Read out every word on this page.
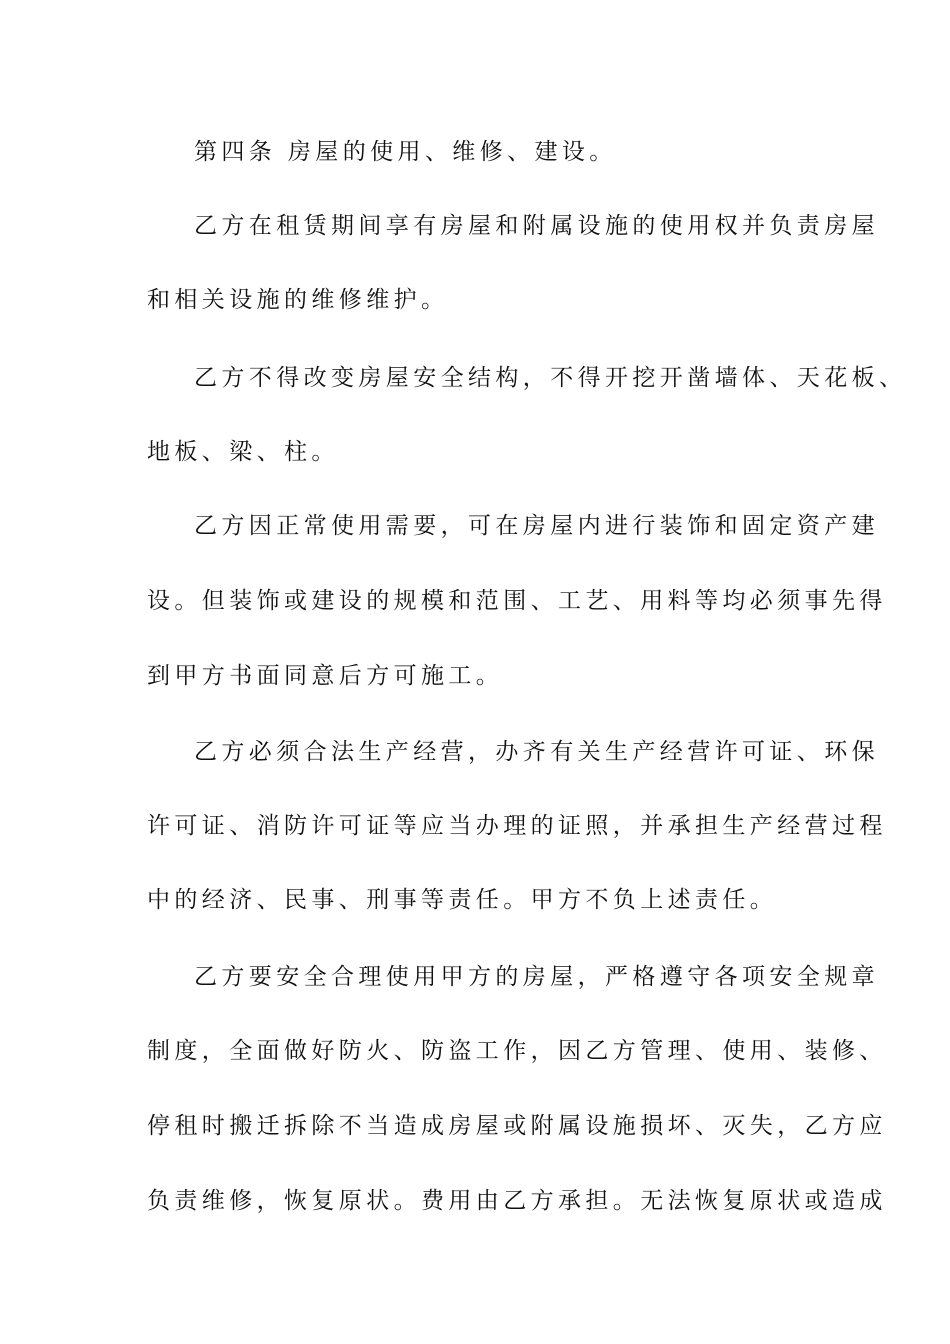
第四条 房屋的使用、维修、建设。
乙方在租赁期间享有房屋和附属设施的使用权并负责房屋
和相关设施的维修维护。
乙方不得改变房屋安全结构，不得开挖开凿墙体、天花板、
地板、梁、柱。
乙方因正常使用需要，可在房屋内进行装饰和固定资产建
设。但装饰或建设的规模和范围、工艺、用料等均必须事先得
到甲方书面同意后方可施工。
乙方必须合法生产经营，办齐有关生产经营许可证、环保
许可证、消防许可证等应当办理的证照，并承担生产经营过程
中的经济、民事、刑事等责任。甲方不负上述责任。
乙方要安全合理使用甲方的房屋，严格遵守各项安全规章
制度，全面做好防火、防盗工作，因乙方管理、使用、装修、
停租时搬迁拆除不当造成房屋或附属设施损坏、灭失，乙方应
负责维修，恢复原状。费用由乙方承担。无法恢复原状或造成
